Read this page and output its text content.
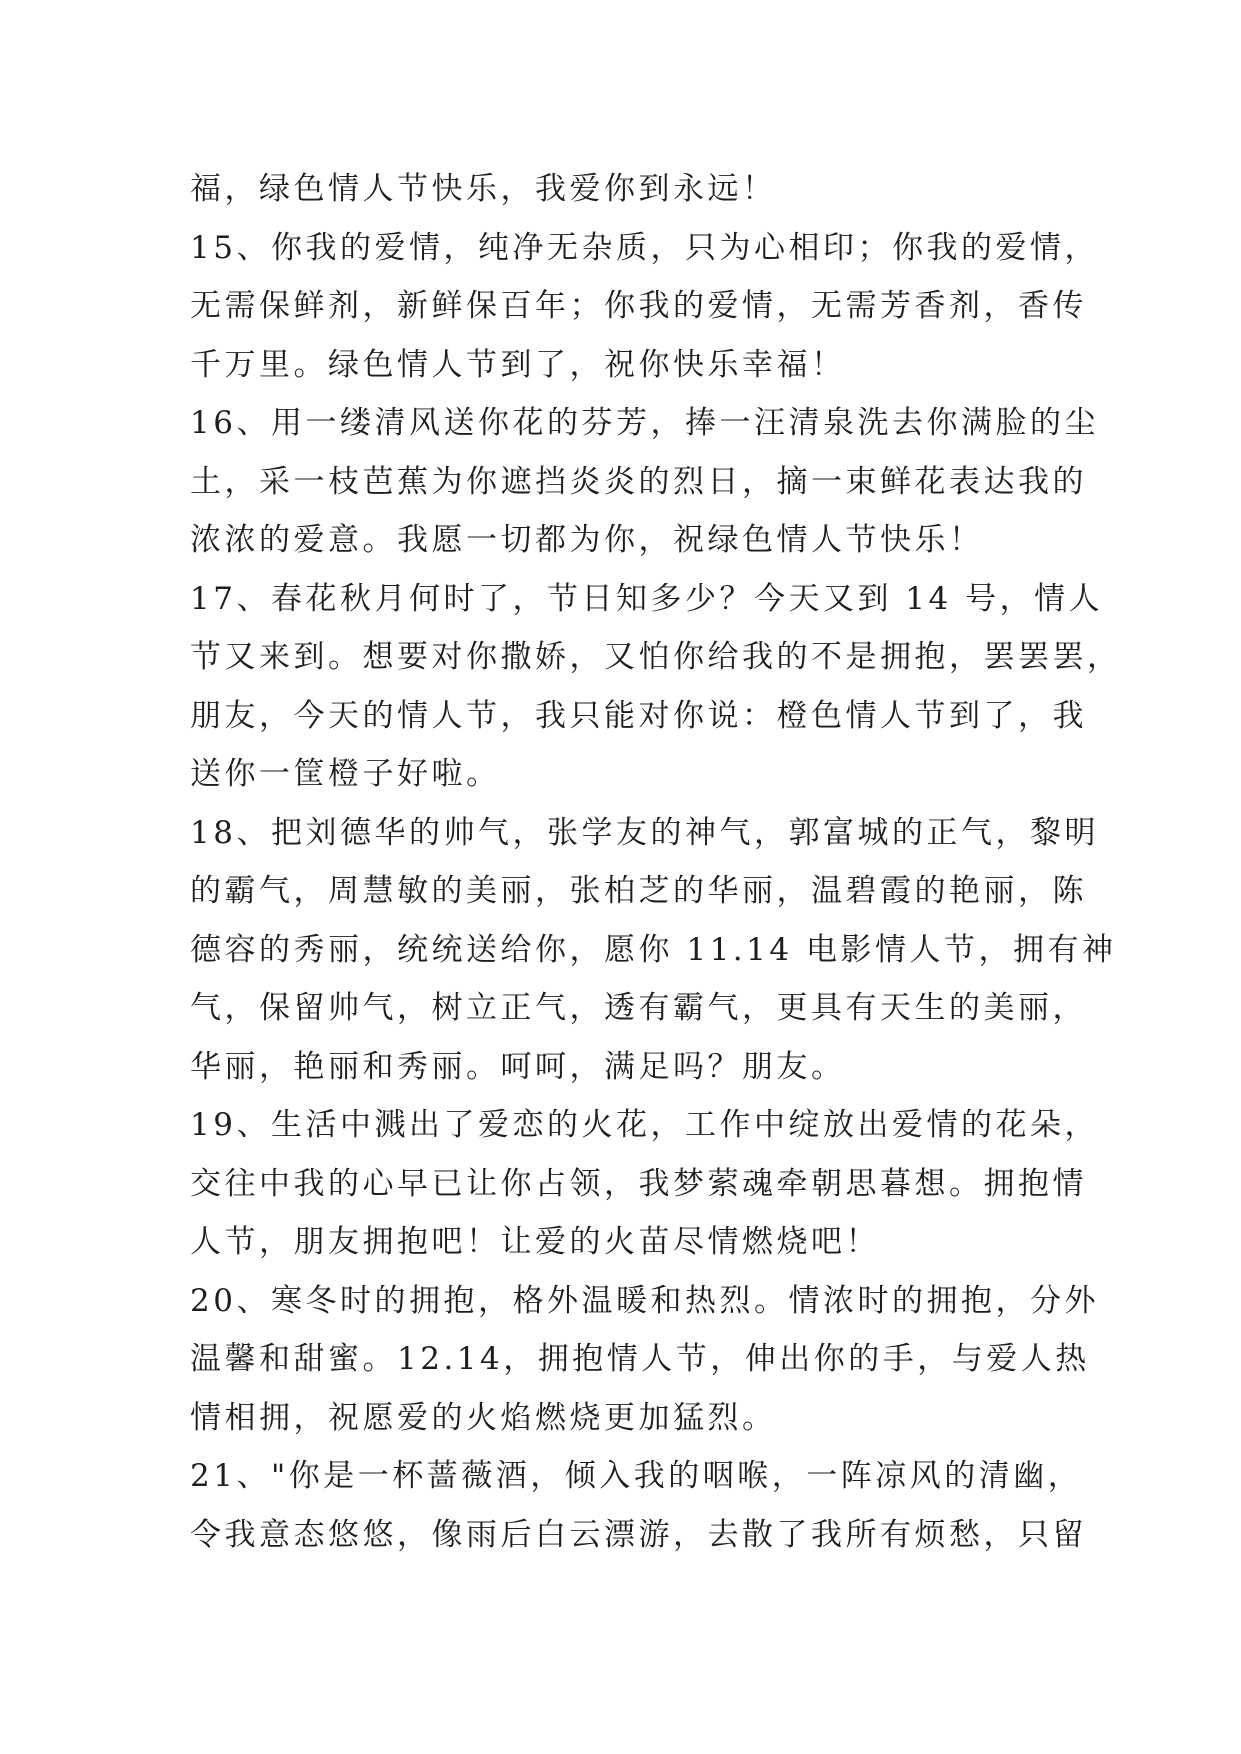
福，绿色情人节快乐，我爱你到永远！
15、你我的爱情，纯净无杂质，只为心相印；你我的爱情，
无需保鲜剂，新鲜保百年；你我的爱情，无需芳香剂，香传
千万里。绿色情人节到了，祝你快乐幸福！
16、用一缕清风送你花的芬芳，捧一汪清泉洗去你满脸的尘
土，采一枝芭蕉为你遮挡炎炎的烈日，摘一束鲜花表达我的
浓浓的爱意。我愿一切都为你，祝绿色情人节快乐！
17、春花秋月何时了，节日知多少？今天又到 14 号，情人
节又来到。想要对你撒娇，又怕你给我的不是拥抱，罢罢罢，
朋友，今天的情人节，我只能对你说：橙色情人节到了，我
送你一筐橙子好啦。
18、把刘德华的帅气，张学友的神气，郭富城的正气，黎明
的霸气，周慧敏的美丽，张柏芝的华丽，温碧霞的艳丽，陈
德容的秀丽，统统送给你，愿你 11.14 电影情人节，拥有神
气，保留帅气，树立正气，透有霸气，更具有天生的美丽，
华丽，艳丽和秀丽。呵呵，满足吗？朋友。
19、生活中溅出了爱恋的火花，工作中绽放出爱情的花朵，
交往中我的心早已让你占领，我梦萦魂牵朝思暮想。拥抱情
人节，朋友拥抱吧！让爱的火苗尽情燃烧吧！
20、寒冬时的拥抱，格外温暖和热烈。情浓时的拥抱，分外
温馨和甜蜜。12.14，拥抱情人节，伸出你的手，与爱人热
情相拥，祝愿爱的火焰燃烧更加猛烈。
21、"你是一杯蔷薇酒，倾入我的咽喉，一阵凉风的清幽，
令我意态悠悠，像雨后白云漂游，去散了我所有烦愁，只留
